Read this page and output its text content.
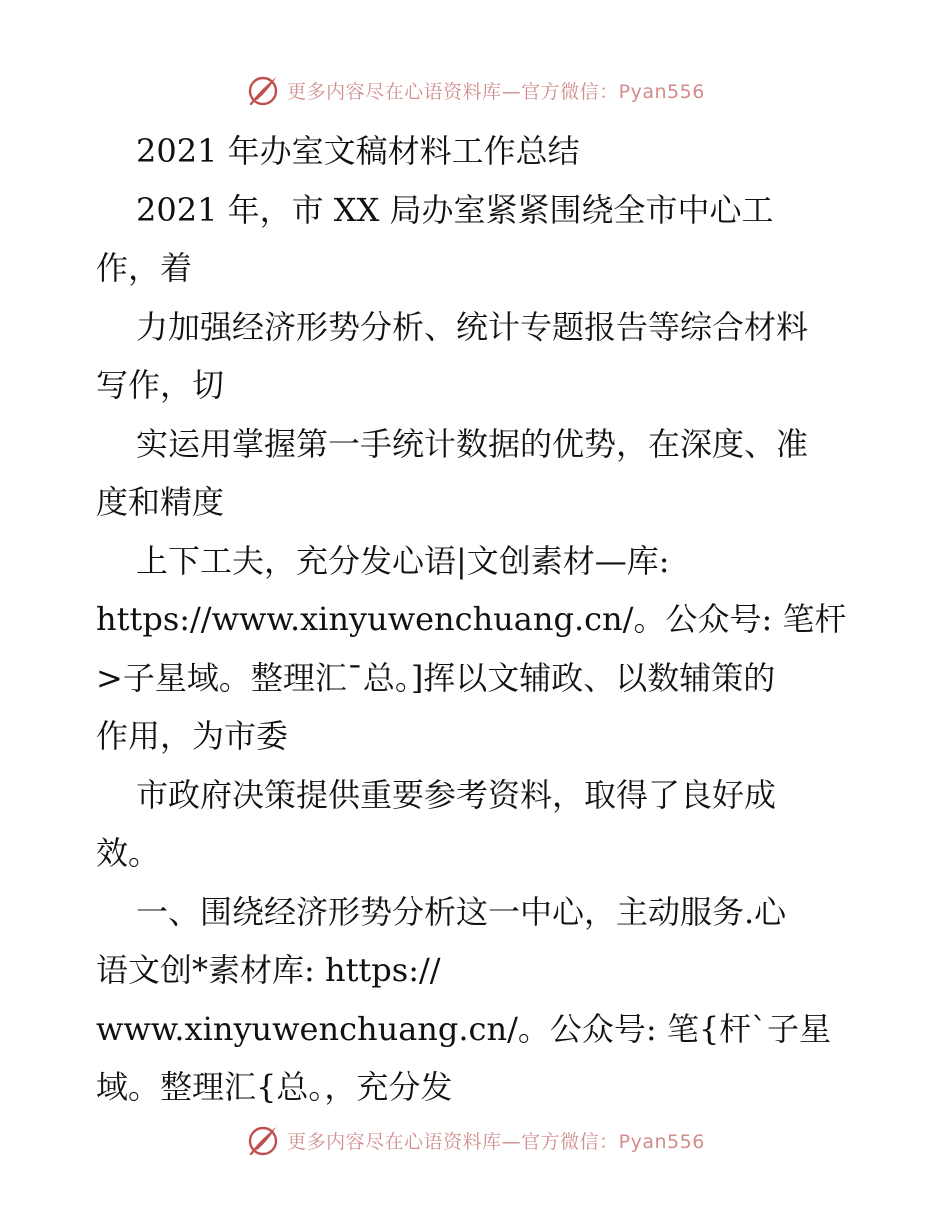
更多内容尽在心语资料库—官方微信：Pyan556
2021 年办室文稿材料工作总结
2021 年，市 XX 局办室紧紧围绕全市中心工
作，着
力加强经济形势分析、统计专题报告等综合材料
写作，切
实运用掌握第一手统计数据的优势，在深度、准
度和精度
上下工夫，充分发心语|文创素材—库:
https://www.xinyuwenchuang.cn/。公众号: 笔杆
>子星域。整理汇¯总。]挥以文辅政、以数辅策的
作用，为市委
市政府决策提供重要参考资料，取得了良好成
效。
一、围绕经济形势分析这一中心，主动服务.心
语文创*素材库: https://
www.xinyuwenchuang.cn/。公众号: 笔{杆`子星
域。整理汇{总。，充分发
更多内容尽在心语资料库—官方微信：Pyan556
